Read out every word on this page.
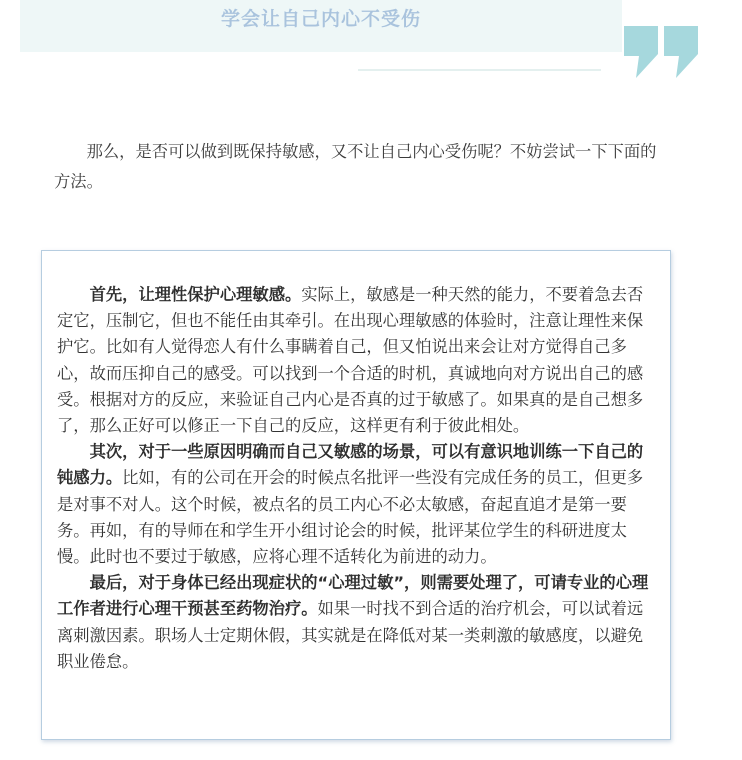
学会让自己内心不受伤

那么，是否可以做到既保持敏感，又不让自己内心受伤呢？不妨尝试一下下面的方法。

首先，让理性保护心理敏感。实际上，敏感是一种天然的能力，不要着急去否定它，压制它，但也不能任由其牵引。在出现心理敏感的体验时，注意让理性来保护它。比如有人觉得恋人有什么事瞒着自己，但又怕说出来会让对方觉得自己多心，故而压抑自己的感受。可以找到一个合适的时机，真诚地向对方说出自己的感受。根据对方的反应，来验证自己内心是否真的过于敏感了。如果真的是自己想多了，那么正好可以修正一下自己的反应，这样更有利于彼此相处。

其次，对于一些原因明确而自己又敏感的场景，可以有意识地训练一下自己的钝感力。比如，有的公司在开会的时候点名批评一些没有完成任务的员工，但更多是对事不对人。这个时候，被点名的员工内心不必太敏感，奋起直追才是第一要务。再如，有的导师在和学生开小组讨论会的时候，批评某位学生的科研进度太慢。此时也不要过于敏感，应将心理不适转化为前进的动力。

最后，对于身体已经出现症状的“心理过敏”，则需要处理了，可请专业的心理工作者进行心理干预甚至药物治疗。如果一时找不到合适的治疗机会，可以试着远离刺激因素。职场人士定期休假，其实就是在降低对某一类刺激的敏感度，以避免职业倦怠。
